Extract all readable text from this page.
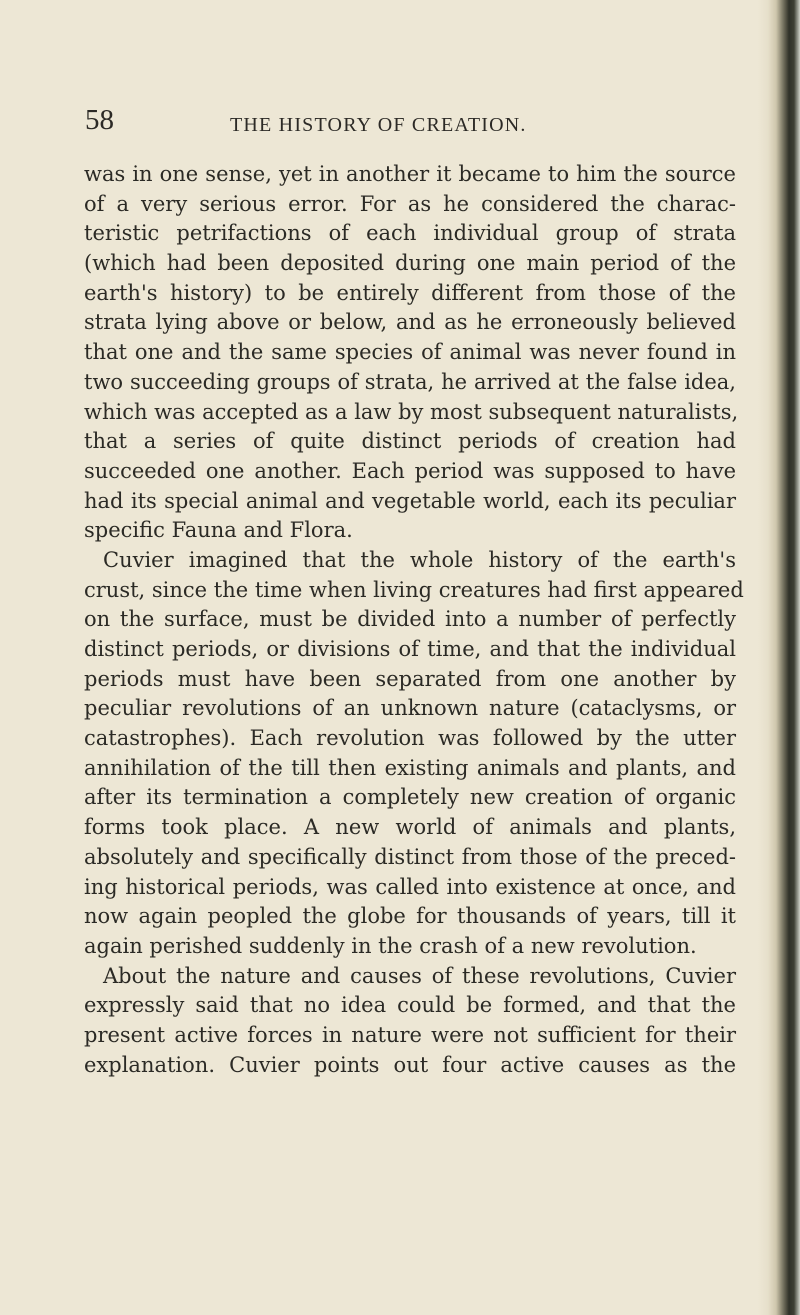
58	THE HISTORY OF CREATION.
was in one sense, yet in another it became to him the source
of a very serious error. For as he considered the charac-
teristic petrifactions of each individual group of strata
(which had been deposited during one main period of the
earth's history) to be entirely different from those of the
strata lying above or below, and as he erroneously believed
that one and the same species of animal was never found in
two succeeding groups of strata, he arrived at the false idea,
which was accepted as a law by most subsequent naturalists,
that a series of quite distinct periods of creation had
succeeded one another. Each period was supposed to have
had its special animal and vegetable world, each its peculiar
specific Fauna and Flora.
Cuvier imagined that the whole history of the earth's
crust, since the time when living creatures had first appeared
on the surface, must be divided into a number of perfectly
distinct periods, or divisions of time, and that the individual
periods must have been separated from one another by
peculiar revolutions of an unknown nature (cataclysms, or
catastrophes). Each revolution was followed by the utter
annihilation of the till then existing animals and plants, and
after its termination a completely new creation of organic
forms took place. A new world of animals and plants,
absolutely and specifically distinct from those of the preced-
ing historical periods, was called into existence at once, and
now again peopled the globe for thousands of years, till it
again perished suddenly in the crash of a new revolution.
About the nature and causes of these revolutions, Cuvier
expressly said that no idea could be formed, and that the
present active forces in nature were not sufficient for their
explanation. Cuvier points out four active causes as the
